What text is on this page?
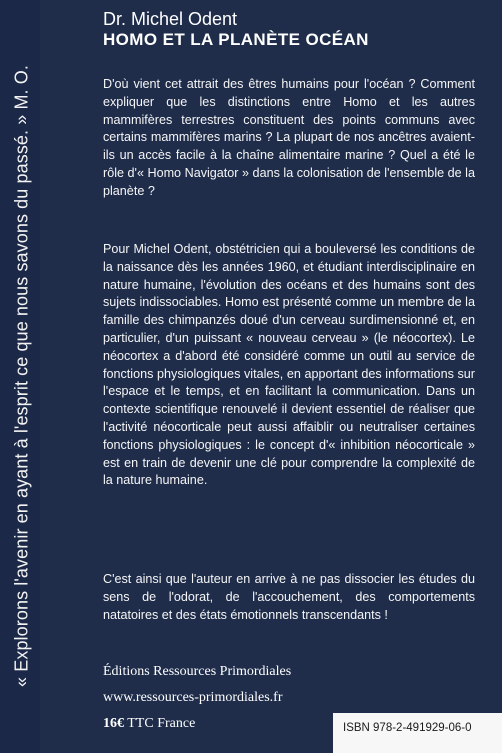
« Explorons l'avenir en ayant à l'esprit ce que nous savons du passé. » M. O.
Dr. Michel Odent
HOMO ET LA PLANÈTE OCÉAN
D'où vient cet attrait des êtres humains pour l'océan ? Comment expliquer que les distinctions entre Homo et les autres mammifères terrestres constituent des points communs avec certains mammifères marins ? La plupart de nos ancêtres avaient-ils un accès facile à la chaîne alimentaire marine ? Quel a été le rôle d'« Homo Navigator » dans la colonisation de l'ensemble de la planète ?
Pour Michel Odent, obstétricien qui a bouleversé les conditions de la naissance dès les années 1960, et étudiant interdisciplinaire en nature humaine, l'évolution des océans et des humains sont des sujets indissociables. Homo est présenté comme un membre de la famille des chimpanzés doué d'un cerveau surdimensionné et, en particulier, d'un puissant « nouveau cerveau » (le néocortex). Le néocortex a d'abord été considéré comme un outil au service de fonctions physiologiques vitales, en apportant des informations sur l'espace et le temps, et en facilitant la communication. Dans un contexte scientifique renouvelé il devient essentiel de réaliser que l'activité néocorticale peut aussi affaiblir ou neutraliser certaines fonctions physiologiques : le concept d'« inhibition néocorticale » est en train de devenir une clé pour comprendre la complexité de la nature humaine.
C'est ainsi que l'auteur en arrive à ne pas dissocier les études du sens de l'odorat, de l'accouchement, des comportements natatoires et des états émotionnels transcendants !
Éditions Ressources Primordiales
www.ressources-primordiales.fr
16€ TTC France	ISBN 978-2-491929-06-0
